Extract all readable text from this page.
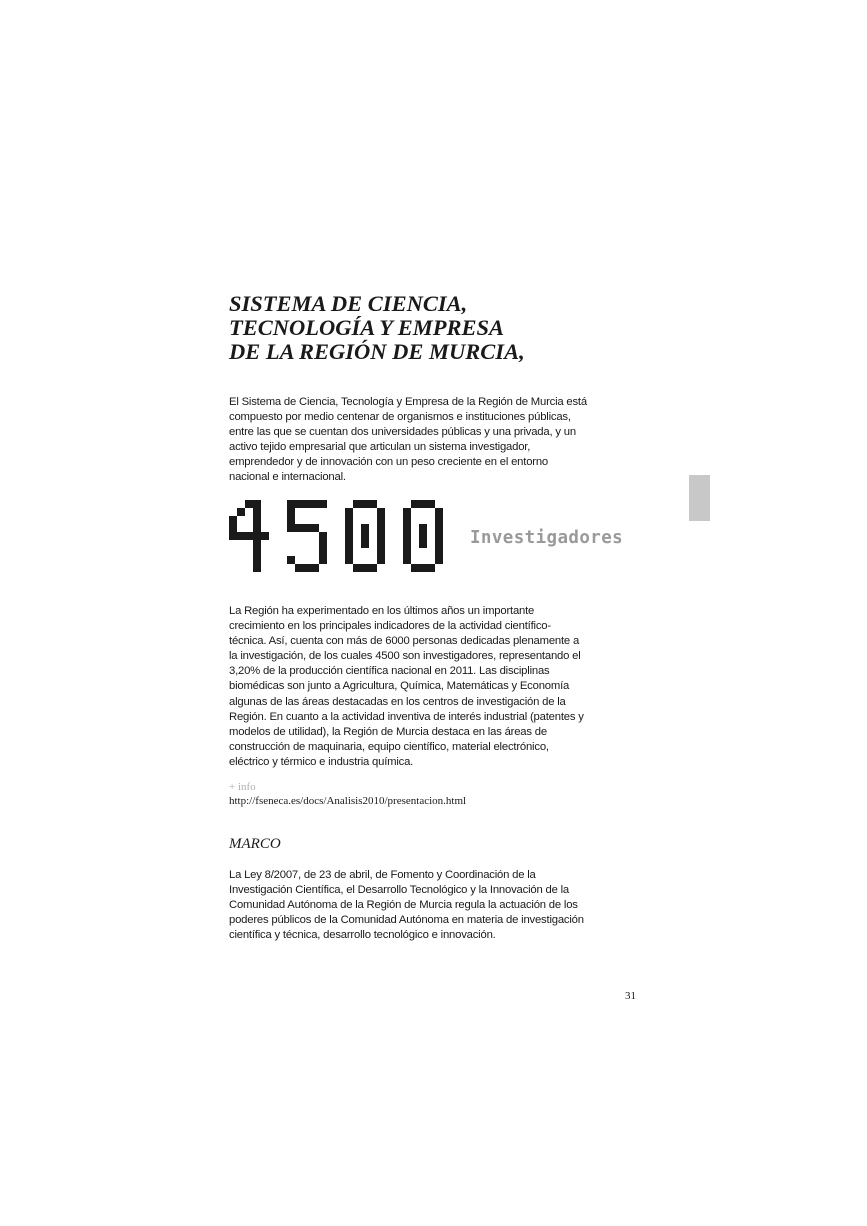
SISTEMA DE CIENCIA,
TECNOLOGÍA Y EMPRESA
DE LA REGIÓN DE MURCIA,

El Sistema de Ciencia, Tecnología y Empresa de la Región de Murcia está compuesto por medio centenar de organismos e instituciones públicas, entre las que se cuentan dos universidades públicas y una privada, y un activo tejido empresarial que articulan un sistema investigador, emprendedor y de innovación con un peso creciente en el entorno nacional e internacional.

Investigadores

La Región ha experimentado en los últimos años un importante crecimiento en los principales indicadores de la actividad científico-técnica. Así, cuenta con más de 6000 personas dedicadas plenamente a la investigación, de los cuales 4500 son investigadores, representando el 3,20% de la producción científica nacional en 2011. Las disciplinas biomédicas son junto a Agricultura, Química, Matemáticas y Economía algunas de las áreas destacadas en los centros de investigación de la Región. En cuanto a la actividad inventiva de interés industrial (patentes y modelos de utilidad), la Región de Murcia destaca en las áreas de construcción de maquinaria, equipo científico, material electrónico, eléctrico y térmico e industria química.

+ info
http://fseneca.es/docs/Analisis2010/presentacion.html
MARCO

La Ley 8/2007, de 23 de abril, de Fomento y Coordinación de la Investigación Científica, el Desarrollo Tecnológico y la Innovación de la Comunidad Autónoma de la Región de Murcia regula la actuación de los poderes públicos de la Comunidad Autónoma en materia de investigación científica y técnica, desarrollo tecnológico e innovación.

31
